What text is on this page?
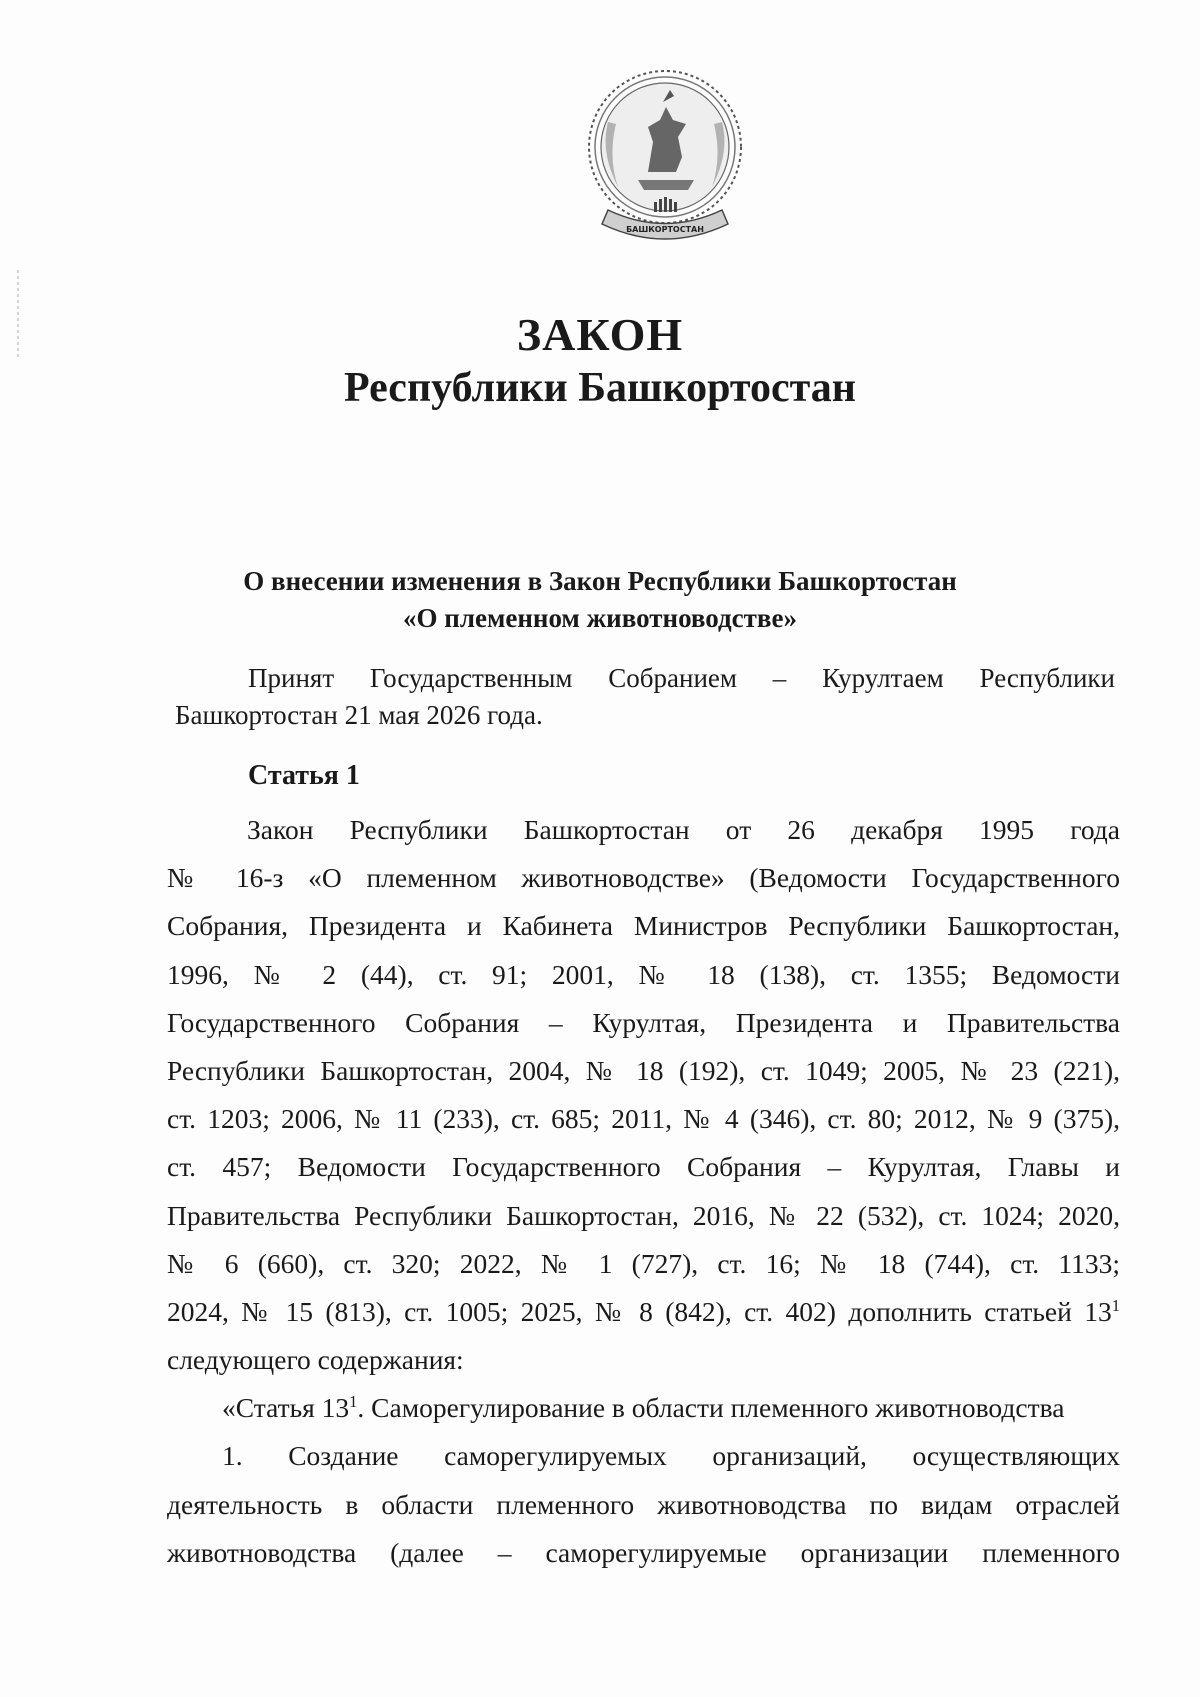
БАШКОРТОСТАН
ЗАКОН
Республики Башкортостан
О внесении изменения в Закон Республики Башкортостан
«О племенном животноводстве»
Принят Государственным Собранием – Курултаем Республики
Башкортостан 21 мая 2026 года.
Статья 1
Закон Республики Башкортостан от 26 декабря 1995 года
№ 16-з «О племенном животноводстве» (Ведомости Государственного
Собрания, Президента и Кабинета Министров Республики Башкортостан,
1996, № 2 (44), ст. 91; 2001, № 18 (138), ст. 1355; Ведомости
Государственного Собрания – Курултая, Президента и Правительства
Республики Башкортостан, 2004, № 18 (192), ст. 1049; 2005, № 23 (221),
ст. 1203; 2006, № 11 (233), ст. 685; 2011, № 4 (346), ст. 80; 2012, № 9 (375),
ст. 457; Ведомости Государственного Собрания – Курултая, Главы и
Правительства Республики Башкортостан, 2016, № 22 (532), ст. 1024; 2020,
№ 6 (660), ст. 320; 2022, № 1 (727), ст. 16; № 18 (744), ст. 1133;
2024, № 15 (813), ст. 1005; 2025, № 8 (842), ст. 402) дополнить статьей $13^1$
следующего содержания:
«Статья $13^1$. Саморегулирование в области племенного животноводства
1. Создание саморегулируемых организаций, осуществляющих
деятельность в области племенного животноводства по видам отраслей
животноводства (далее – саморегулируемые организации племенного
